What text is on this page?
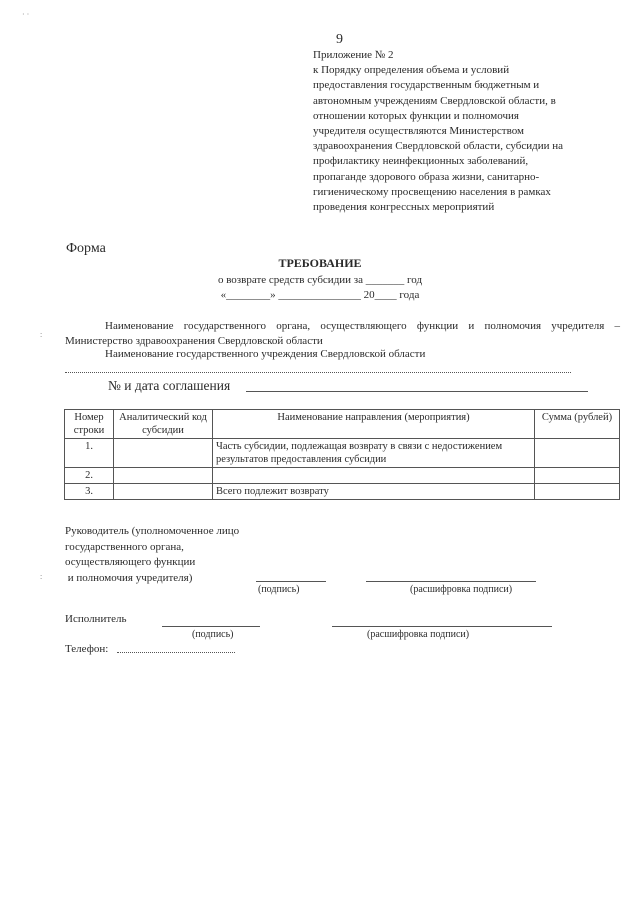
· ·
:
:
9
Приложение № 2
к Порядку определения объема и условий
предоставления государственным бюджетным и
автономным учреждениям Свердловской области, в
отношении которых функции и полномочия
учредителя осуществляются Министерством
здравоохранения Свердловской области, субсидии на
профилактику неинфекционных заболеваний,
пропаганде здорового образа жизни, санитарно-
гигиеническому просвещению населения в рамках
проведения конгрессных мероприятий
Форма
ТРЕБОВАНИЕ
о возврате средств субсидии за _______ год
«________» _______________ 20____ года
Наименование государственного органа, осуществляющего функции и полномочия учредителя – Министерство здравоохранения Свердловской области
Наименование государственного учреждения Свердловской области
№ и дата соглашения
Номер строки	Аналитический код субсидии	Наименование направления (мероприятия)	Сумма (рублей)
1.		Часть субсидии, подлежащая возврату в связи с недостижением результатов предоставления субсидии	
2.			
3.		Всего подлежит возврату	
Руководитель (уполномоченное лицо
государственного органа,
осуществляющего функции
и полномочия учредителя)
(подпись)	(расшифровка подписи)
Исполнитель
(подпись)	(расшифровка подписи)
Телефон:
